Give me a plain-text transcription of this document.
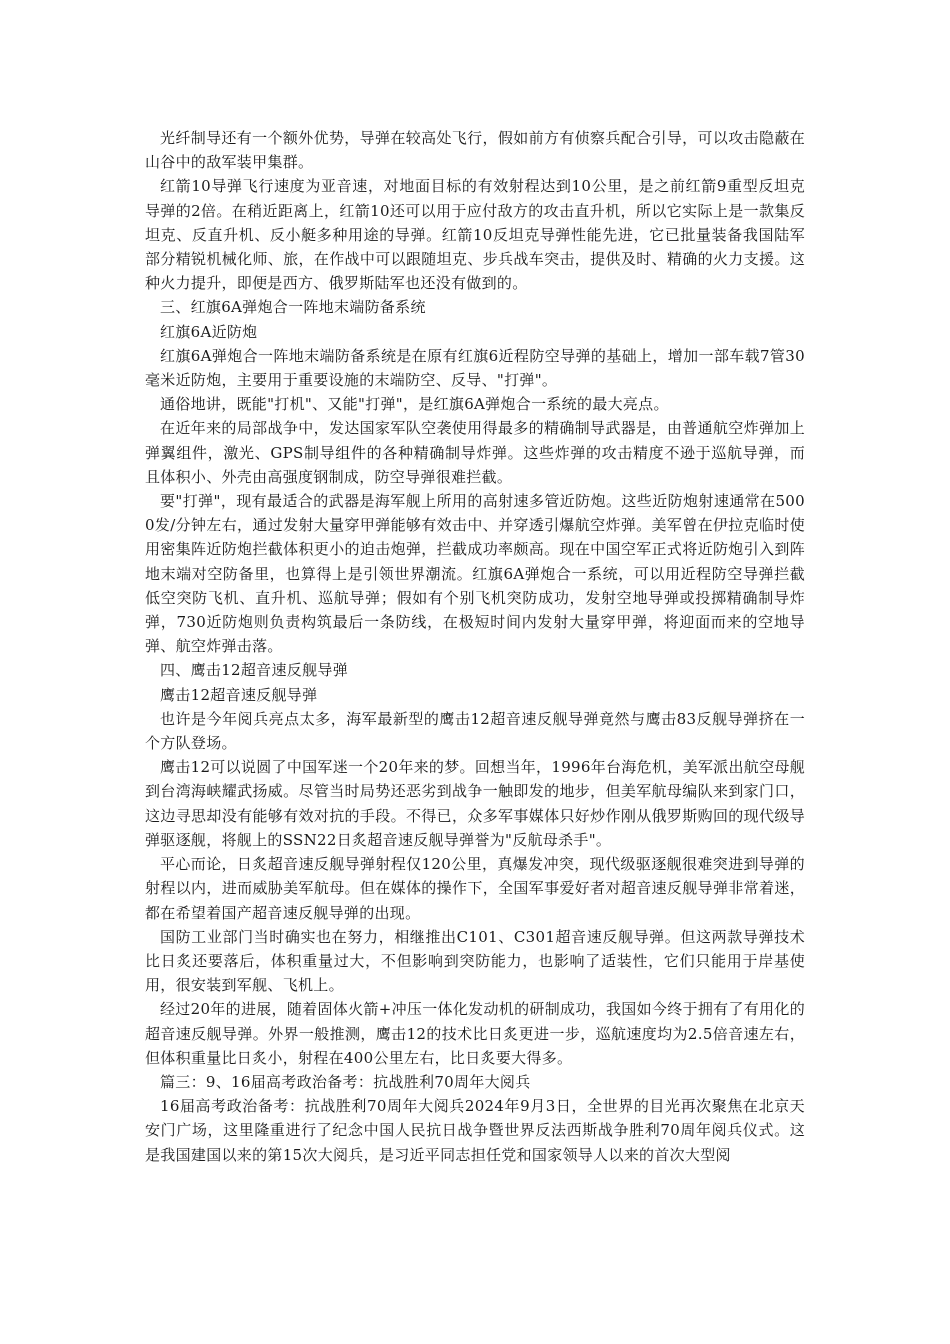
光纤制导还有一个额外优势，导弹在较高处飞行，假如前方有侦察兵配合引导，可以攻击隐蔽在山谷中的敌军装甲集群。

红箭10导弹飞行速度为亚音速，对地面目标的有效射程达到10公里，是之前红箭9重型反坦克导弹的2倍。在稍近距离上，红箭10还可以用于应付敌方的攻击直升机，所以它实际上是一款集反坦克、反直升机、反小艇多种用途的导弹。红箭10反坦克导弹性能先进，它已批量装备我国陆军部分精锐机械化师、旅，在作战中可以跟随坦克、步兵战车突击，提供及时、精确的火力支援。这种火力提升，即便是西方、俄罗斯陆军也还没有做到的。

三、红旗6A弹炮合一阵地末端防备系统

红旗6A近防炮

红旗6A弹炮合一阵地末端防备系统是在原有红旗6近程防空导弹的基础上，增加一部车载7管30毫米近防炮，主要用于重要设施的末端防空、反导、"打弹"。

通俗地讲，既能"打机"、又能"打弹"，是红旗6A弹炮合一系统的最大亮点。

在近年来的局部战争中，发达国家军队空袭使用得最多的精确制导武器是，由普通航空炸弹加上弹翼组件，激光、GPS制导组件的各种精确制导炸弹。这些炸弹的攻击精度不逊于巡航导弹，而且体积小、外壳由高强度钢制成，防空导弹很难拦截。

要"打弹"，现有最适合的武器是海军舰上所用的高射速多管近防炮。这些近防炮射速通常在5000发/分钟左右，通过发射大量穿甲弹能够有效击中、并穿透引爆航空炸弹。美军曾在伊拉克临时使用密集阵近防炮拦截体积更小的迫击炮弹，拦截成功率颇高。现在中国空军正式将近防炮引入到阵地末端对空防备里，也算得上是引领世界潮流。红旗6A弹炮合一系统，可以用近程防空导弹拦截低空突防飞机、直升机、巡航导弹；假如有个别飞机突防成功，发射空地导弹或投掷精确制导炸弹，730近防炮则负责构筑最后一条防线，在极短时间内发射大量穿甲弹，将迎面而来的空地导弹、航空炸弹击落。

四、鹰击12超音速反舰导弹

鹰击12超音速反舰导弹

也许是今年阅兵亮点太多，海军最新型的鹰击12超音速反舰导弹竟然与鹰击83反舰导弹挤在一个方队登场。

鹰击12可以说圆了中国军迷一个20年来的梦。回想当年，1996年台海危机，美军派出航空母舰到台湾海峡耀武扬威。尽管当时局势还恶劣到战争一触即发的地步，但美军航母编队来到家门口，这边寻思却没有能够有效对抗的手段。不得已，众多军事媒体只好炒作刚从俄罗斯购回的现代级导弹驱逐舰，将舰上的SSN22日炙超音速反舰导弹誉为"反航母杀手"。

平心而论，日炙超音速反舰导弹射程仅120公里，真爆发冲突，现代级驱逐舰很难突进到导弹的射程以内，进而威胁美军航母。但在媒体的操作下，全国军事爱好者对超音速反舰导弹非常着迷，都在希望着国产超音速反舰导弹的出现。

国防工业部门当时确实也在努力，相继推出C101、C301超音速反舰导弹。但这两款导弹技术比日炙还要落后，体积重量过大，不但影响到突防能力，也影响了适装性，它们只能用于岸基使用，很安装到军舰、飞机上。

经过20年的进展，随着固体火箭+冲压一体化发动机的研制成功，我国如今终于拥有了有用化的超音速反舰导弹。外界一般推测，鹰击12的技术比日炙更进一步，巡航速度均为2.5倍音速左右，但体积重量比日炙小，射程在400公里左右，比日炙要大得多。

篇三：9、16届高考政治备考：抗战胜利70周年大阅兵

16届高考政治备考：抗战胜利70周年大阅兵2024年9月3日，全世界的目光再次聚焦在北京天安门广场，这里隆重进行了纪念中国人民抗日战争暨世界反法西斯战争胜利70周年阅兵仪式。这是我国建国以来的第15次大阅兵，是习近平同志担任党和国家领导人以来的首次大型阅
